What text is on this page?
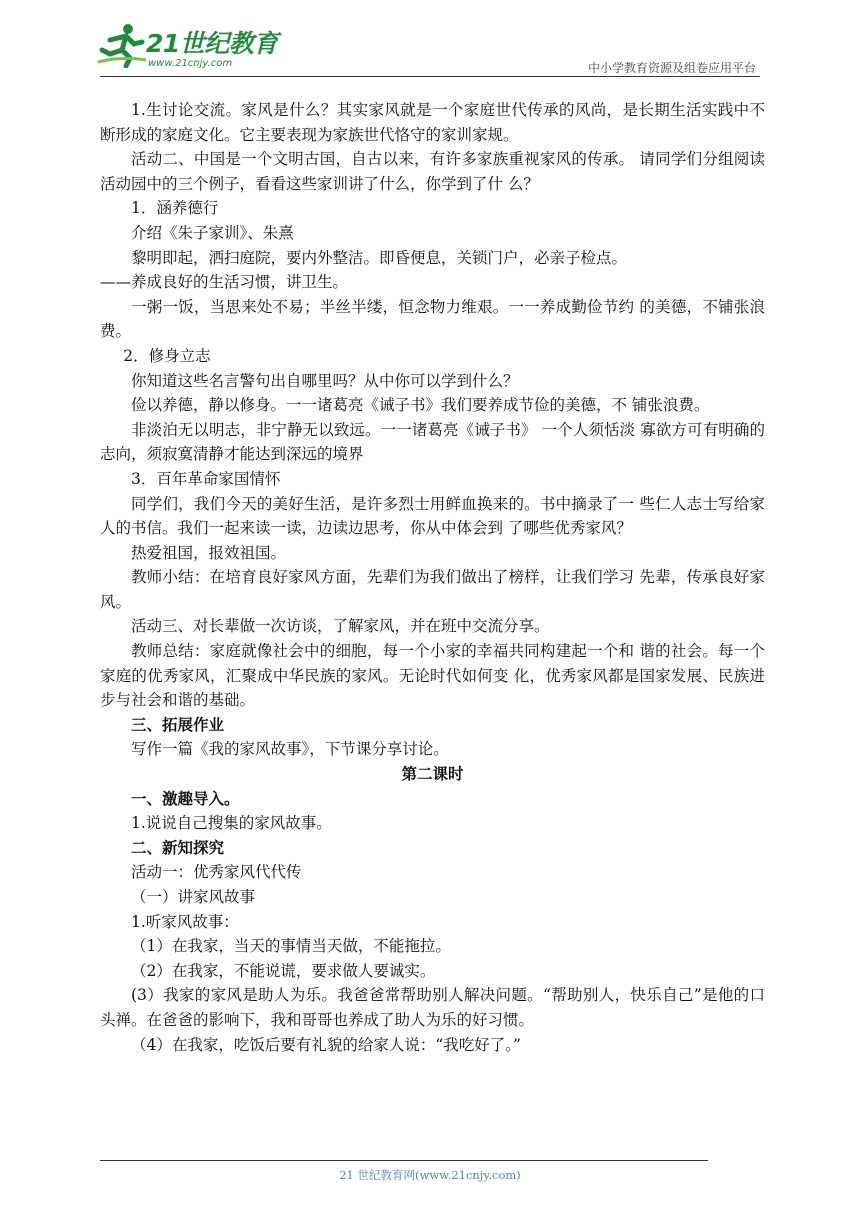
21世纪教育
www.21cnjy.com	中小学教育资源及组卷应用平台

1.生讨论交流。家风是什么？其实家风就是一个家庭世代传承的风尚，是长期生活实践中不断形成的家庭文化。它主要表现为家族世代恪守的家训家规。

活动二、中国是一个文明古国，自古以来，有许多家族重视家风的传承。 请同学们分组阅读活动园中的三个例子，看看这些家训讲了什么，你学到了什 么？

1．涵养德行

介绍《朱子家训》、朱熹

黎明即起，洒扫庭院，要内外整洁。即昏便息，关锁门户，必亲子检点。

——养成良好的生活习惯，讲卫生。

一粥一饭，当思来处不易；半丝半缕，恒念物力维艰。一一养成勤俭节约 的美德，不铺张浪费。

2．修身立志

你知道这些名言警句出自哪里吗？从中你可以学到什么？

俭以养德，静以修身。一一诸葛亮《诫子书》我们要养成节俭的美德，不 铺张浪费。

非淡泊无以明志，非宁静无以致远。一一诸葛亮《诫子书》 一个人须恬淡 寡欲方可有明确的志向，须寂寞清静才能达到深远的境界

3．百年革命家国情怀

同学们，我们今天的美好生活，是许多烈士用鲜血换来的。书中摘录了一 些仁人志士写给家人的书信。我们一起来读一读，边读边思考，你从中体会到 了哪些优秀家风？

热爱祖国，报效祖国。

教师小结：在培育良好家风方面，先辈们为我们做出了榜样，让我们学习 先辈，传承良好家风。

活动三、对长辈做一次访谈，了解家风，并在班中交流分享。

教师总结：家庭就像社会中的细胞，每一个小家的幸福共同构建起一个和 谐的社会。每一个家庭的优秀家风，汇聚成中华民族的家风。无论时代如何变 化，优秀家风都是国家发展、民族进步与社会和谐的基础。

三、拓展作业

写作一篇《我的家风故事》，下节课分享讨论。

第二课时

一、激趣导入。

1.说说自己搜集的家风故事。

二、新知探究

活动一：优秀家风代代传

（一）讲家风故事

1.听家风故事：

（1）在我家，当天的事情当天做，不能拖拉。

（2）在我家，不能说谎，要求做人要诚实。

(3）我家的家风是助人为乐。我爸爸常帮助别人解决问题。“帮助别人，快乐自己”是他的口头禅。在爸爸的影响下，我和哥哥也养成了助人为乐的好习惯。

（4）在我家，吃饭后要有礼貌的给家人说：“我吃好了。”

21 世纪教育网(www.21cnjy.com)
